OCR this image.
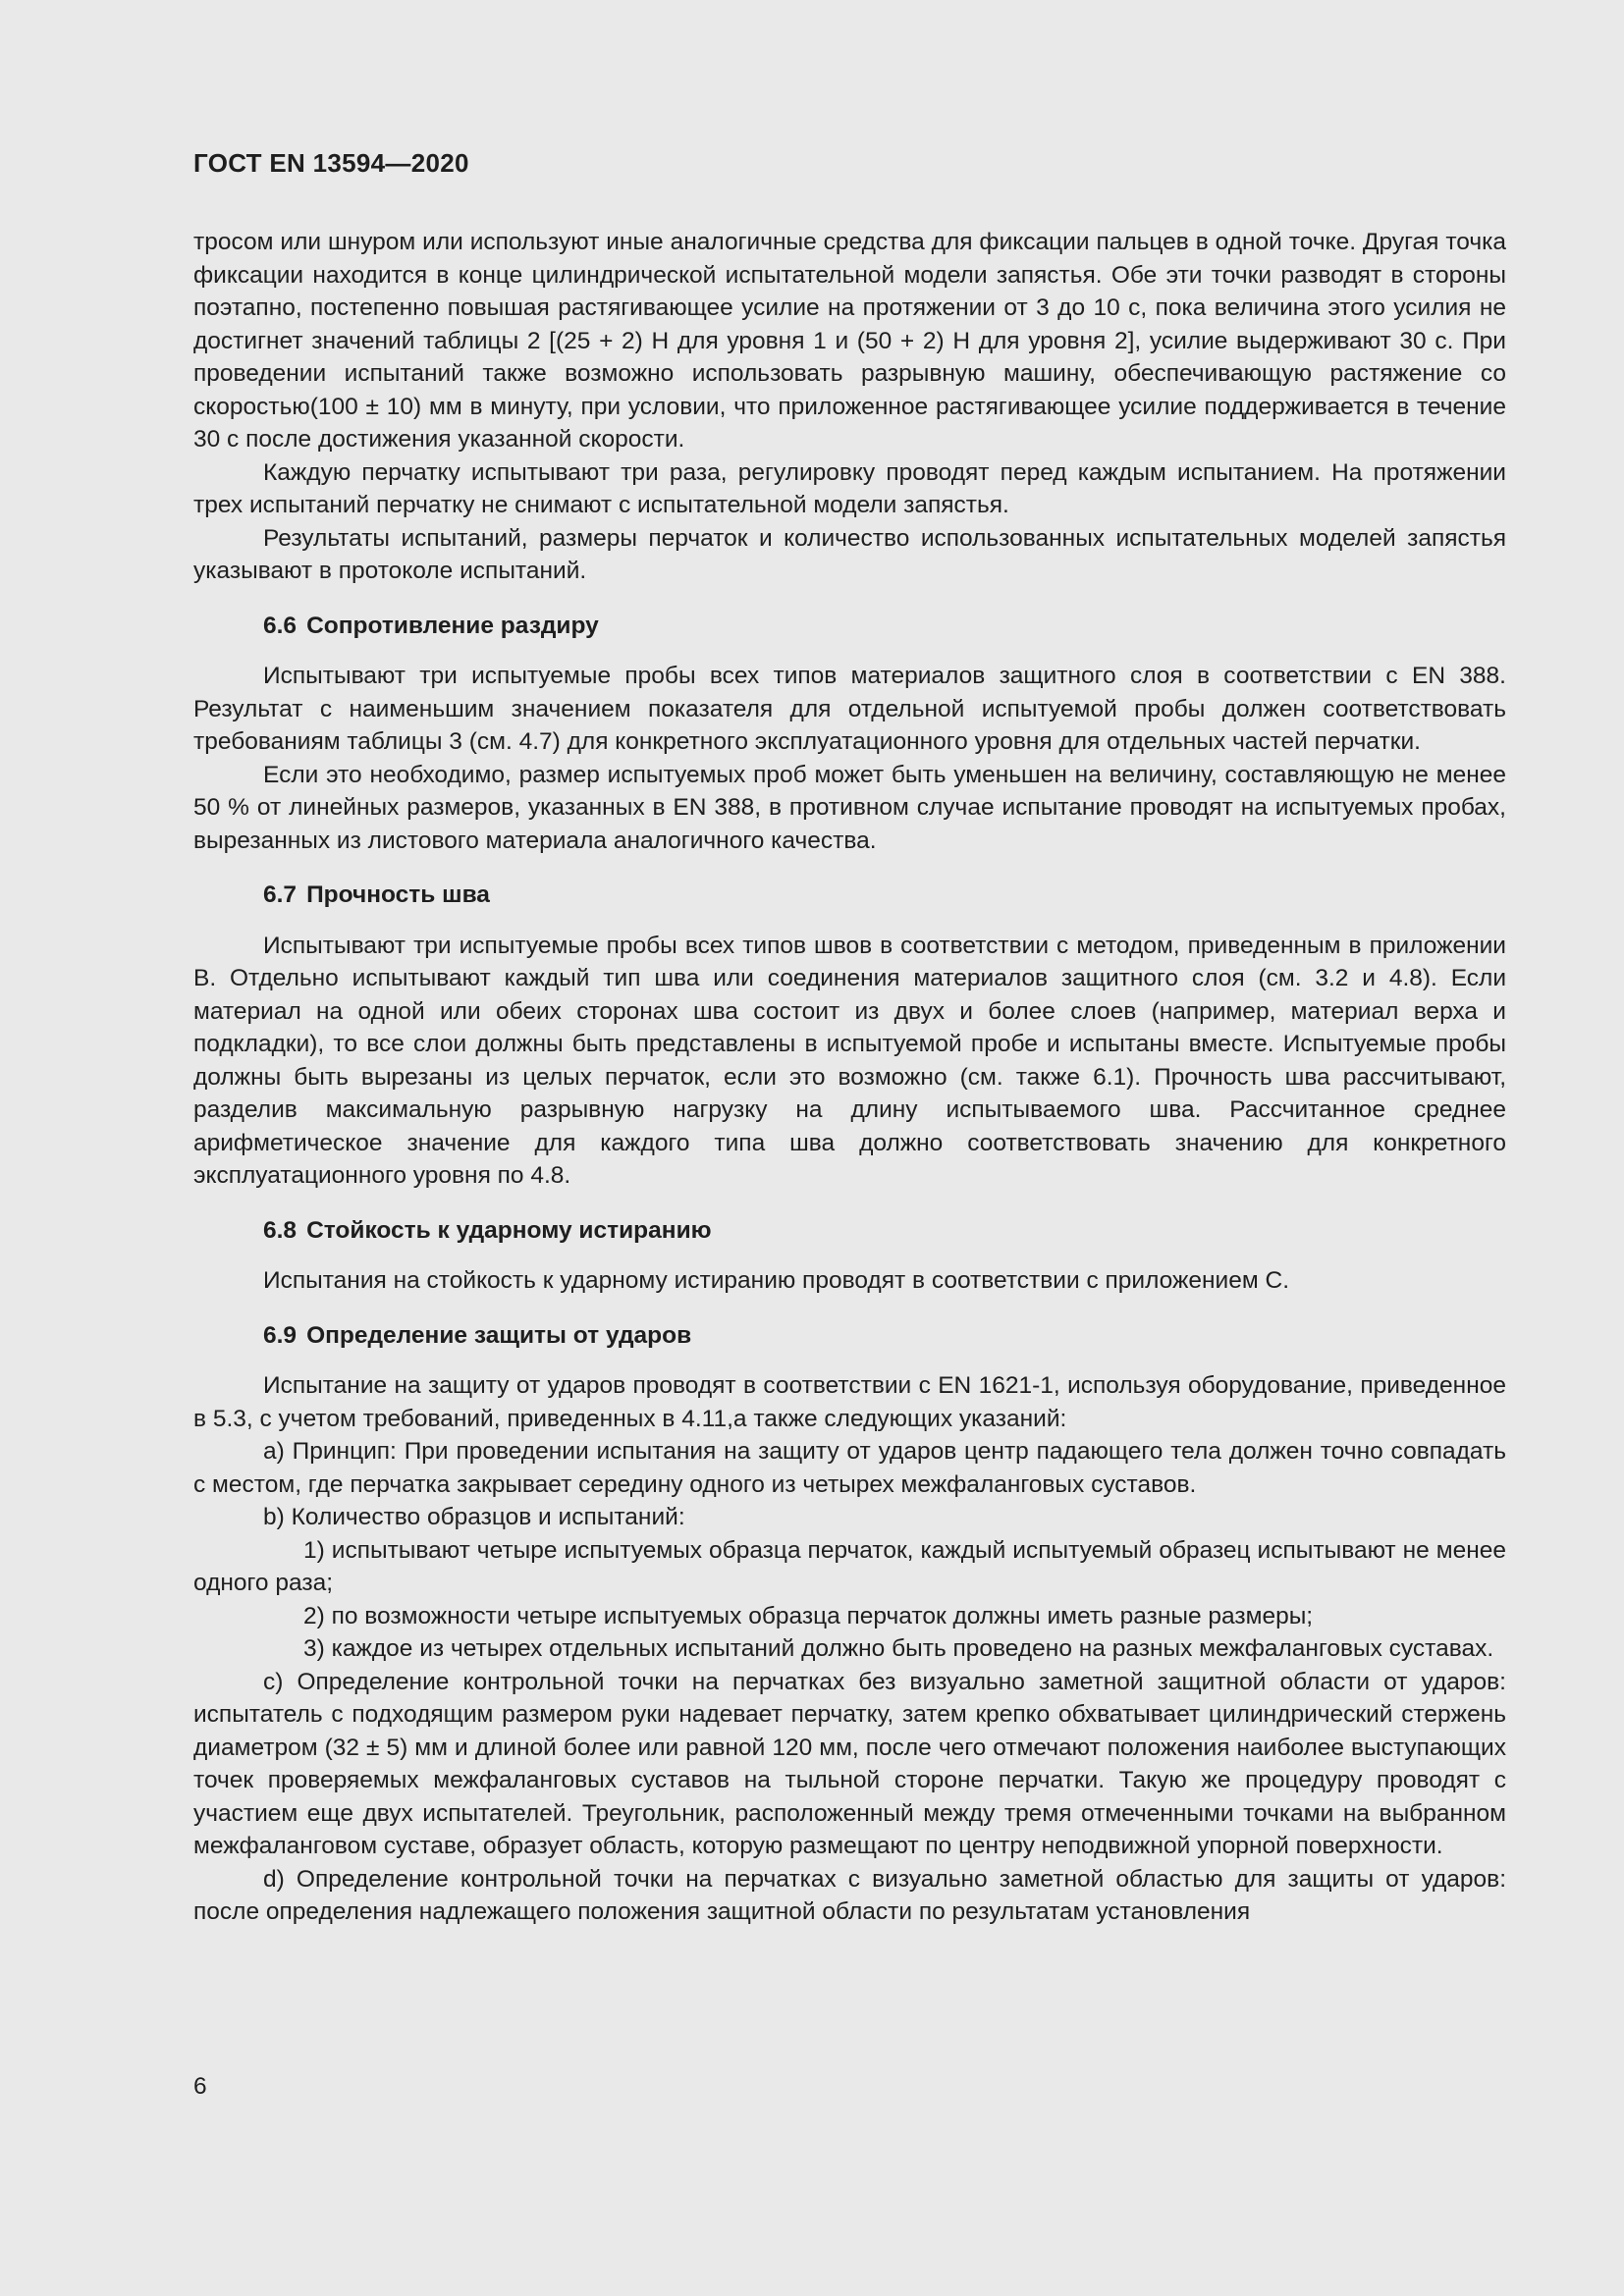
ГОСТ EN 13594—2020

тросом или шнуром или используют иные аналогичные средства для фиксации пальцев в одной точке. Другая точка фиксации находится в конце цилиндрической испытательной модели запястья. Обе эти точки разводят в стороны поэтапно, постепенно повышая растягивающее усилие на протяжении от 3 до 10 с, пока величина этого усилия не достигнет значений таблицы 2 [(25 + 2) Н для уровня 1 и (50 + 2) Н для уровня 2], усилие выдерживают 30 с. При проведении испытаний также возможно использовать разрывную машину, обеспечивающую растяжение со скоростью(100 ± 10) мм в минуту, при условии, что приложенное растягивающее усилие поддерживается в течение 30 с после достижения указанной скорости.

Каждую перчатку испытывают три раза, регулировку проводят перед каждым испытанием. На протяжении трех испытаний перчатку не снимают с испытательной модели запястья.

Результаты испытаний, размеры перчаток и количество использованных испытательных моделей запястья указывают в протоколе испытаний.

6.6 Сопротивление раздиру

Испытывают три испытуемые пробы всех типов материалов защитного слоя в соответствии с EN 388. Результат с наименьшим значением показателя для отдельной испытуемой пробы должен соответствовать требованиям таблицы 3 (см. 4.7) для конкретного эксплуатационного уровня для отдельных частей перчатки.

Если это необходимо, размер испытуемых проб может быть уменьшен на величину, составляющую не менее 50 % от линейных размеров, указанных в EN 388, в противном случае испытание проводят на испытуемых пробах, вырезанных из листового материала аналогичного качества.

6.7 Прочность шва

Испытывают три испытуемые пробы всех типов швов в соответствии с методом, приведенным в приложении В. Отдельно испытывают каждый тип шва или соединения материалов защитного слоя (см. 3.2 и 4.8). Если материал на одной или обеих сторонах шва состоит из двух и более слоев (например, материал верха и подкладки), то все слои должны быть представлены в испытуемой пробе и испытаны вместе. Испытуемые пробы должны быть вырезаны из целых перчаток, если это возможно (см. также 6.1). Прочность шва рассчитывают, разделив максимальную разрывную нагрузку на длину испытываемого шва. Рассчитанное среднее арифметическое значение для каждого типа шва должно соответствовать значению для конкретного эксплуатационного уровня по 4.8.

6.8 Стойкость к ударному истиранию

Испытания на стойкость к ударному истиранию проводят в соответствии с приложением С.

6.9 Определение защиты от ударов

Испытание на защиту от ударов проводят в соответствии с EN 1621-1, используя оборудование, приведенное в 5.3, с учетом требований, приведенных в 4.11,а также следующих указаний:

a) Принцип: При проведении испытания на защиту от ударов центр падающего тела должен точно совпадать с местом, где перчатка закрывает середину одного из четырех межфаланговых суставов.

b) Количество образцов и испытаний:

1) испытывают четыре испытуемых образца перчаток, каждый испытуемый образец испытывают не менее одного раза;

2) по возможности четыре испытуемых образца перчаток должны иметь разные размеры;

3) каждое из четырех отдельных испытаний должно быть проведено на разных межфаланговых суставах.

c) Определение контрольной точки на перчатках без визуально заметной защитной области от ударов: испытатель с подходящим размером руки надевает перчатку, затем крепко обхватывает цилиндрический стержень диаметром (32 ± 5) мм и длиной более или равной 120 мм, после чего отмечают положения наиболее выступающих точек проверяемых межфаланговых суставов на тыльной стороне перчатки. Такую же процедуру проводят с участием еще двух испытателей. Треугольник, расположенный между тремя отмеченными точками на выбранном межфаланговом суставе, образует область, которую размещают по центру неподвижной упорной поверхности.

d) Определение контрольной точки на перчатках с визуально заметной областью для защиты от ударов: после определения надлежащего положения защитной области по результатам установления

6
